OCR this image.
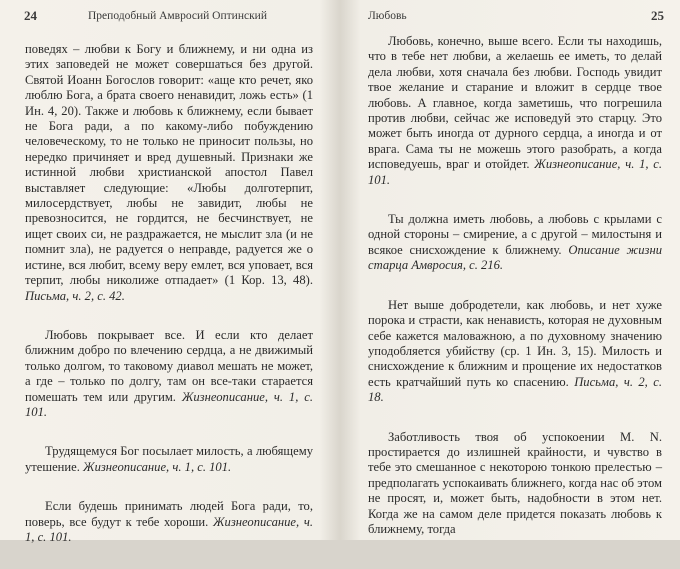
24	Преподобный Амвросий Оптинский

поведях – любви к Богу и ближнему, и ни одна из этих заповедей не может совершаться без другой. Святой Иоанн Богослов говорит: «аще кто речет, яко люблю Бога, а брата своего ненавидит, ложь есть» (1 Ин. 4, 20). Также и любовь к ближнему, если бывает не Бога ради, а по какому-либо побуждению человеческому, то не только не приносит пользы, но нередко причиняет и вред душевный. Признаки же истинной любви христианской апостол Павел выставляет следующие: «Любы долготерпит, милосердствует, любы не завидит, любы не превозносится, не гордится, не бесчинствует, не ищет своих си, не раздражается, не мыслит зла (и не помнит зла), не радуется о неправде, радуется же о истине, вся любит, всему веру емлет, вся уповает, вся терпит, любы николиже отпадает» (1 Кор. 13, 48). Письма, ч. 2, с. 42.

Любовь покрывает все. И если кто делает ближним добро по влечению сердца, а не движимый только долгом, то таковому диавол мешать не может, а где – только по долгу, там он все-таки старается помешать тем или другим. Жизнеописание, ч. 1, с. 101.

Трудящемуся Бог посылает милость, а любящему утешение. Жизнеописание, ч. 1, с. 101.

Если будешь принимать людей Бога ради, то, поверь, все будут к тебе хороши. Жизнеописание, ч. 1, с. 101.

Любовь	25

Любовь, конечно, выше всего. Если ты находишь, что в тебе нет любви, а желаешь ее иметь, то делай дела любви, хотя сначала без любви. Господь увидит твое желание и старание и вложит в сердце твое любовь. А главное, когда заметишь, что погрешила против любви, сейчас же исповедуй это старцу. Это может быть иногда от дурного сердца, а иногда и от врага. Сама ты не можешь этого разобрать, а когда исповедуешь, враг и отойдет. Жизнеописание, ч. 1, с. 101.

Ты должна иметь любовь, а любовь с крылами с одной стороны – смирение, а с другой – милостыня и всякое снисхождение к ближнему. Описание жизни старца Амвросия, с. 216.

Нет выше добродетели, как любовь, и нет хуже порока и страсти, как ненависть, которая не духовным себе кажется маловажною, а по духовному значению уподобляется убийству (ср. 1 Ин. 3, 15). Милость и снисхождение к ближним и прощение их недостатков есть кратчайший путь ко спасению. Письма, ч. 2, с. 18.

Заботливость твоя об успокоении M. N. простирается до излишней крайности, и чувство в тебе это смешанное с некоторою тонкою прелестью – предполагать успокаивать ближнего, когда нас об этом не просят, и, может быть, надобности в этом нет. Когда же на самом деле придется показать любовь к ближнему, тогда
